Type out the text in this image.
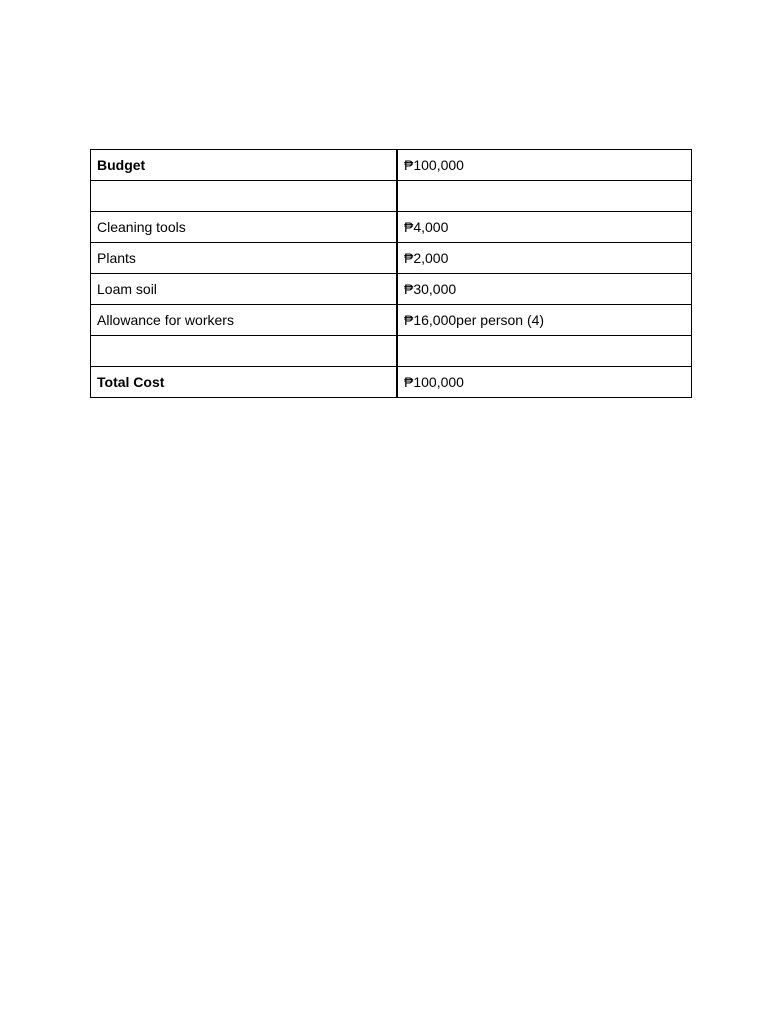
Budget	₱100,000

Cleaning tools	₱4,000
Plants	₱2,000
Loam soil	₱30,000
Allowance for workers	₱16,000per person (4)

Total Cost	₱100,000
